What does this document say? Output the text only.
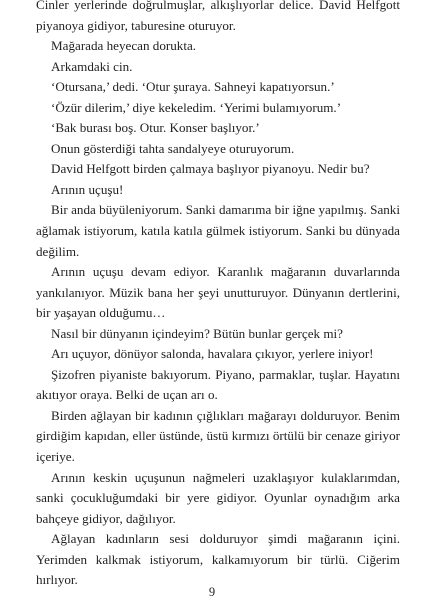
Cinler yerlerinde doğrulmuşlar, alkışlıyorlar delice. David Helfgott piyanoya gidiyor, taburesine oturuyor.

Mağarada heyecan dorukta.

Arkamdaki cin.

‘Otursana,’ dedi. ‘Otur şuraya. Sahneyi kapatıyorsun.’

‘Özür dilerim,’ diye kekeledim. ‘Yerimi bulamıyorum.’

‘Bak burası boş. Otur. Konser başlıyor.’

Onun gösterdiği tahta sandalyeye oturuyorum.

David Helfgott birden çalmaya başlıyor piyanoyu. Nedir bu?

Arının uçuşu!

Bir anda büyüleniyorum. Sanki damarıma bir iğne yapılmış. Sanki ağlamak istiyorum, katıla katıla gülmek istiyorum. Sanki bu dünyada değilim.

Arının uçuşu devam ediyor. Karanlık mağaranın duvarlarında yankılanıyor. Müzik bana her şeyi unutturuyor. Dünyanın dertlerini, bir yaşayan olduğumu…

Nasıl bir dünyanın içindeyim? Bütün bunlar gerçek mi?

Arı uçuyor, dönüyor salonda, havalara çıkıyor, yerlere iniyor!

Şizofren piyaniste bakıyorum. Piyano, parmaklar, tuşlar. Hayatını akıtıyor oraya. Belki de uçan arı o.

Birden ağlayan bir kadının çığlıkları mağarayı dolduruyor. Benim girdiğim kapıdan, eller üstünde, üstü kırmızı örtülü bir cenaze giriyor içeriye.

Arının keskin uçuşunun nağmeleri uzaklaşıyor kulaklarımdan, sanki çocukluğumdaki bir yere gidiyor. Oyunlar oynadığım arka bahçeye gidiyor, dağılıyor.

Ağlayan kadınların sesi dolduruyor şimdi mağaranın içini. Yerimden kalkmak istiyorum, kalkamıyorum bir türlü. Ciğerim hırlıyor.

9
